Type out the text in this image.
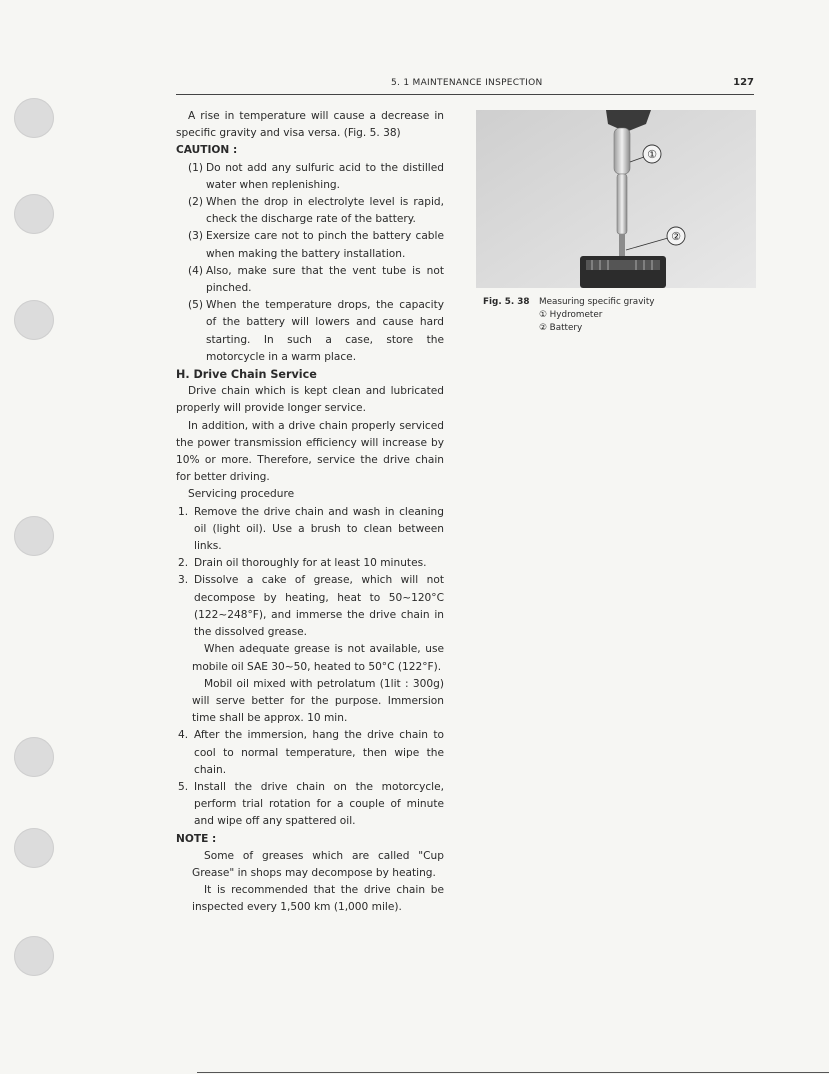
5. 1 MAINTENANCE INSPECTION	127

A rise in temperature will cause a decrease in specific gravity and visa versa. (Fig. 5. 38)

CAUTION :

(1) Do not add any sulfuric acid to the distilled water when replenishing.
(2) When the drop in electrolyte level is rapid, check the discharge rate of the battery.
(3) Exersize care not to pinch the battery cable when making the battery installation.
(4) Also, make sure that the vent tube is not pinched.
(5) When the temperature drops, the capacity of the battery will lowers and cause hard starting. In such a case, store the motorcycle in a warm place.

H. Drive Chain Service

Drive chain which is kept clean and lubricated properly will provide longer service.

In addition, with a drive chain properly serviced the power transmission efficiency will increase by 10% or more. Therefore, service the drive chain for better driving.

Servicing procedure

1. Remove the drive chain and wash in cleaning oil (light oil). Use a brush to clean between links.
2. Drain oil thoroughly for at least 10 minutes.
3. Dissolve a cake of grease, which will not decompose by heating, heat to 50~120°C (122~248°F), and immerse the drive chain in the dissolved grease.

When adequate grease is not available, use mobile oil SAE 30~50, heated to 50°C (122°F).

Mobil oil mixed with petrolatum (1lit : 300g) will serve better for the purpose. Immersion time shall be approx. 10 min.

4. After the immersion, hang the drive chain to cool to normal temperature, then wipe the chain.
5. Install the drive chain on the motorcycle, perform trial rotation for a couple of minute and wipe off any spattered oil.

NOTE :

Some of greases which are called "Cup Grease" in shops may decompose by heating.

It is recommended that the drive chain be inspected every 1,500 km (1,000 mile).

①
②

Fig. 5. 38 Measuring specific gravity

① Hydrometer

② Battery
